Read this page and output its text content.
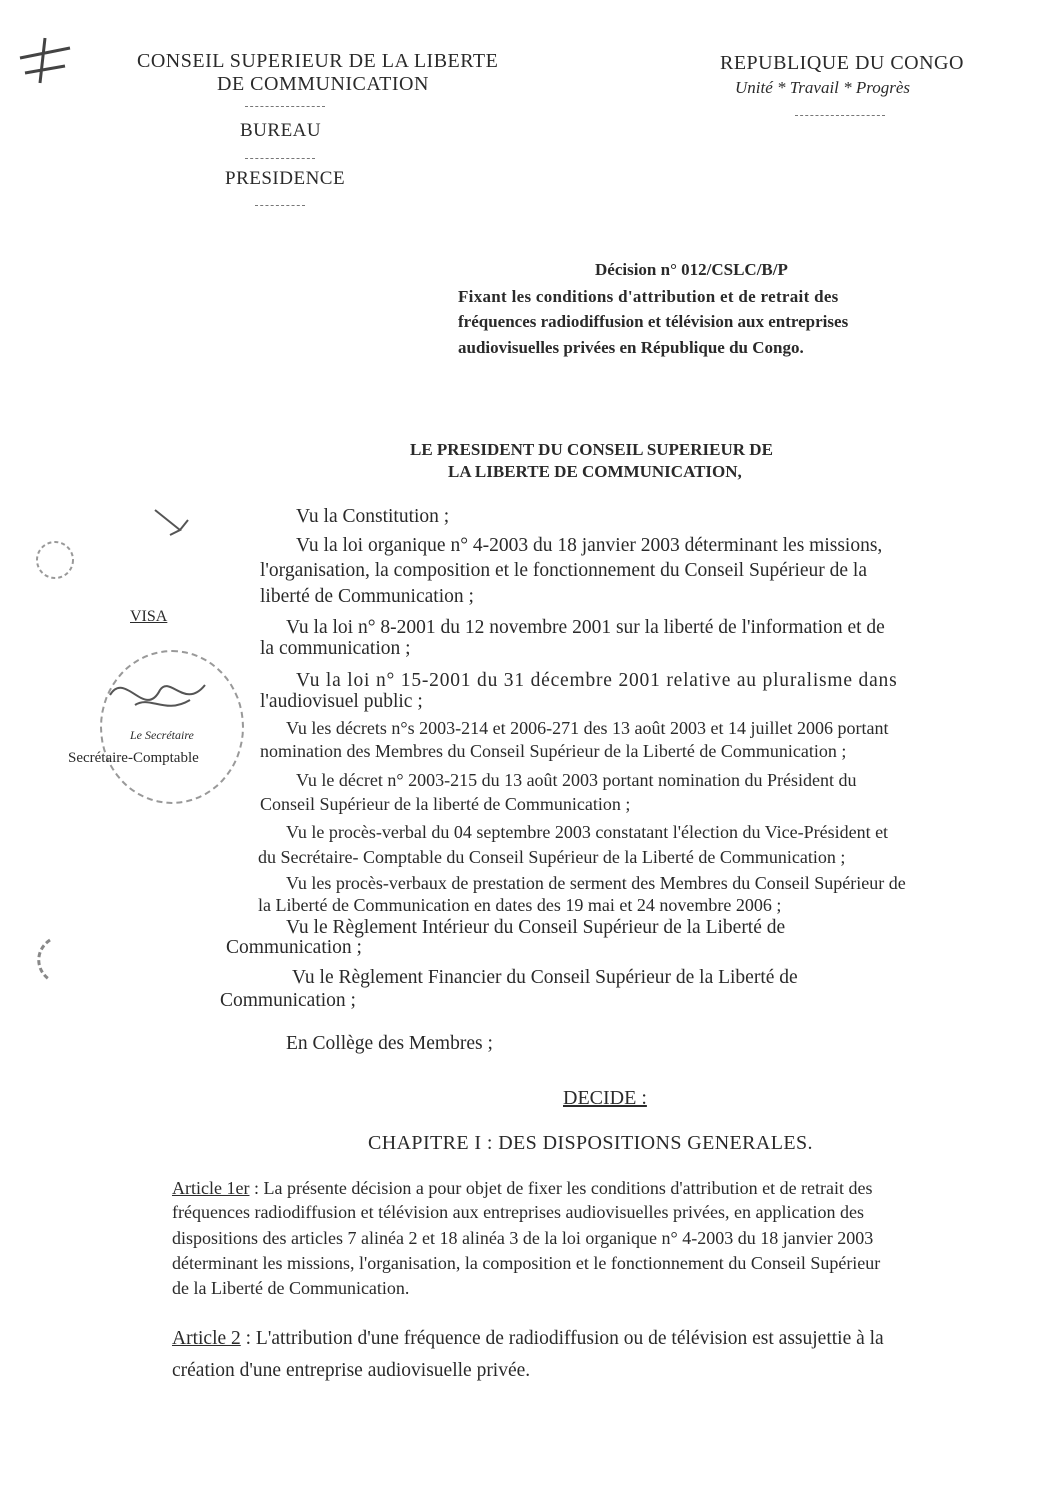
CONSEIL SUPERIEUR DE LA LIBERTE
DE COMMUNICATION
BUREAU
PRESIDENCE
REPUBLIQUE DU CONGO
Unité * Travail * Progrès
Décision n° 012/CSLC/B/P
Fixant les conditions d'attribution et de retrait des
fréquences radiodiffusion et télévision aux entreprises
audiovisuelles privées en République du Congo.
LE PRESIDENT DU CONSEIL SUPERIEUR DE
LA LIBERTE DE COMMUNICATION,
Vu la Constitution ;
Vu la loi organique n° 4-2003 du 18 janvier 2003 déterminant les missions,
l'organisation, la composition et le fonctionnement du Conseil Supérieur de la
liberté de Communication ;
Vu la loi n° 8-2001 du 12 novembre 2001 sur la liberté de l'information et de
la communication ;
Vu la loi n° 15-2001 du 31 décembre 2001 relative au pluralisme dans
l'audiovisuel public ;
Vu les décrets n°s 2003-214 et 2006-271 des 13 août 2003 et 14 juillet 2006 portant
nomination des Membres du Conseil Supérieur de la Liberté de Communication ;
Vu le décret n° 2003-215 du 13 août 2003 portant nomination du Président du
Conseil Supérieur de la liberté de Communication ;
Vu le procès-verbal du 04 septembre 2003 constatant l'élection du Vice-Président et
du Secrétaire- Comptable du Conseil Supérieur de la Liberté de Communication ;
Vu les procès-verbaux de prestation de serment des Membres du Conseil Supérieur de
la Liberté de Communication en dates des 19 mai et 24 novembre 2006 ;
Vu le Règlement Intérieur du Conseil Supérieur de la Liberté de
Communication ;
Vu le Règlement Financier du Conseil Supérieur de la Liberté de
Communication ;
En Collège des Membres ;
VISA
Le Secrétaire
Secrétaire-Comptable
DECIDE :
CHAPITRE I : DES DISPOSITIONS GENERALES.
Article 1er : La présente décision a pour objet de fixer les conditions d'attribution et de retrait des
fréquences radiodiffusion et télévision aux entreprises audiovisuelles privées, en application des
dispositions des articles 7 alinéa 2 et 18 alinéa 3 de la loi organique n° 4-2003 du 18 janvier 2003
déterminant les missions, l'organisation, la composition et le fonctionnement du Conseil Supérieur
de la Liberté de Communication.
Article 2 : L'attribution d'une fréquence de radiodiffusion ou de télévision est assujettie à la
création d'une entreprise audiovisuelle privée.
